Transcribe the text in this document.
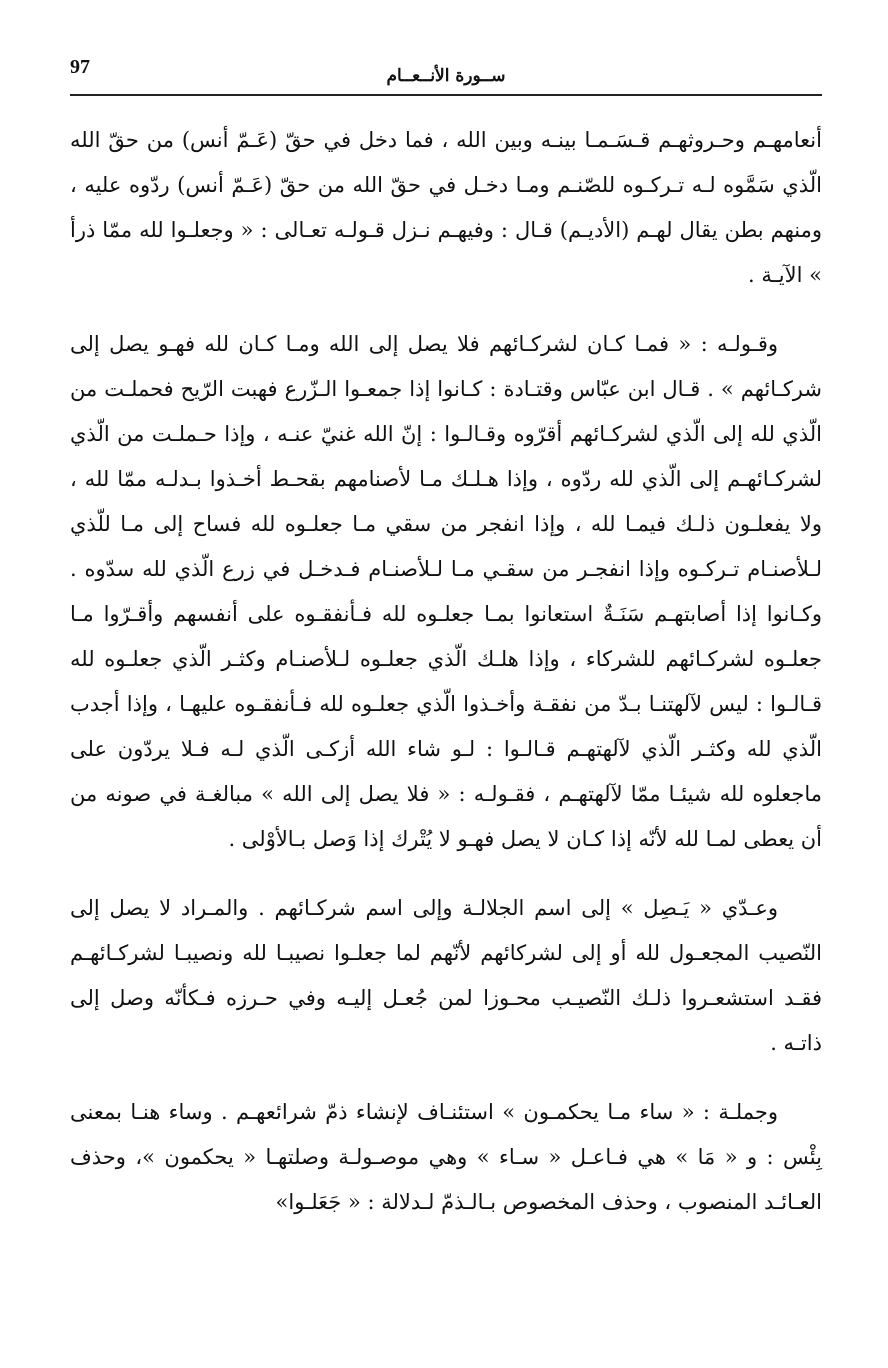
97	ســورة الأنــعــام

أنعامهـم وحـروثهـم قـسَـمـا بينـه وبين الله ، فما دخل في حقّ (عَـمّ أنس) من حقّ الله الّذي سَمَّوه لـه تـركـوه للصّنـم ومـا دخـل في حقّ الله من حقّ (عَـمّ أنس) ردّوه عليه ، ومنهم بطن يقال لهـم (الأديـم) قـال : وفيهـم نـزل قـولـه تعـالى : « وجعلـوا لله ممّا ذرأ » الآيـة .

وقـولـه : « فمـا كـان لشركـائهم فلا يصل إلى الله ومـا كـان لله فهـو يصل إلى شركـائهم » . قـال ابن عبّاس وقتـادة : كـانوا إذا جمعـوا الـزّرع فهبت الرّيح فحملـت من الّذي لله إلى الّذي لشركـائهم أقرّوه وقـالـوا : إنّ الله غنيّ عنـه ، وإذا حـملـت من الّذي لشركـائهـم إلى الّذي لله ردّوه ، وإذا هـلـك مـا لأصنامهم بقحـط أخـذوا بـدلـه ممّا لله ، ولا يفعلـون ذلـك فيمـا لله ، وإذا انفجر من سقي مـا جعلـوه لله فساح إلى مـا للّذي لـلأصنـام تـركـوه وإذا انفجـر من سقـي مـا لـلأصنـام فـدخـل في زرع الّذي لله سدّوه . وكـانوا إذا أصابتهـم سَنَـةٌ استعانوا بمـا جعلـوه لله فـأنفقـوه على أنفسهم وأقـرّوا مـا جعلـوه لشركـائهم للشركاء ، وإذا هلـك الّذي جعلـوه لـلأصنـام وكثـر الّذي جعلـوه لله قـالـوا : ليس لآلهتنـا بـدّ من نفقـة وأخـذوا الّذي جعلـوه لله فـأنفقـوه عليهـا ، وإذا أجدب الّذي لله وكثـر الّذي لآلهتهـم قـالـوا : لـو شاء الله أزكـى الّذي لـه فـلا يردّون على ماجعلوه لله شيئـا ممّا لآلهتهـم ، فقـولـه : « فلا يصل إلى الله » مبالغـة في صونه من أن يعطى لمـا لله لأنّه إذا كـان لا يصل فهـو لا يُتْرك إذا وَصل بـالأوْلى .

وعـدّي « يَـصِل » إلى اسم الجلالـة وإلى اسم شركـائهم . والمـراد لا يصل إلى النّصيب المجعـول لله أو إلى لشركائهم لأنّهم لما جعلـوا نصيبـا لله ونصيبـا لشركـائهـم فقـد استشعـروا ذلـك النّصيـب محـوزا لمن جُعـل إليـه وفي حـرزه فـكأنّه وصل إلى ذاتـه .

وجملـة : « ساء مـا يحكمـون » استئنـاف لإنشاء ذمّ شرائعهـم . وساء هنـا بمعنى بِئْس : و « مَا » هي فـاعـل « سـاء » وهي موصـولـة وصلتهـا « يحكمون »، وحذف العـائـد المنصوب ، وحذف المخصوص بـالـذمّ لـدلالة : « جَعَلـوا»
